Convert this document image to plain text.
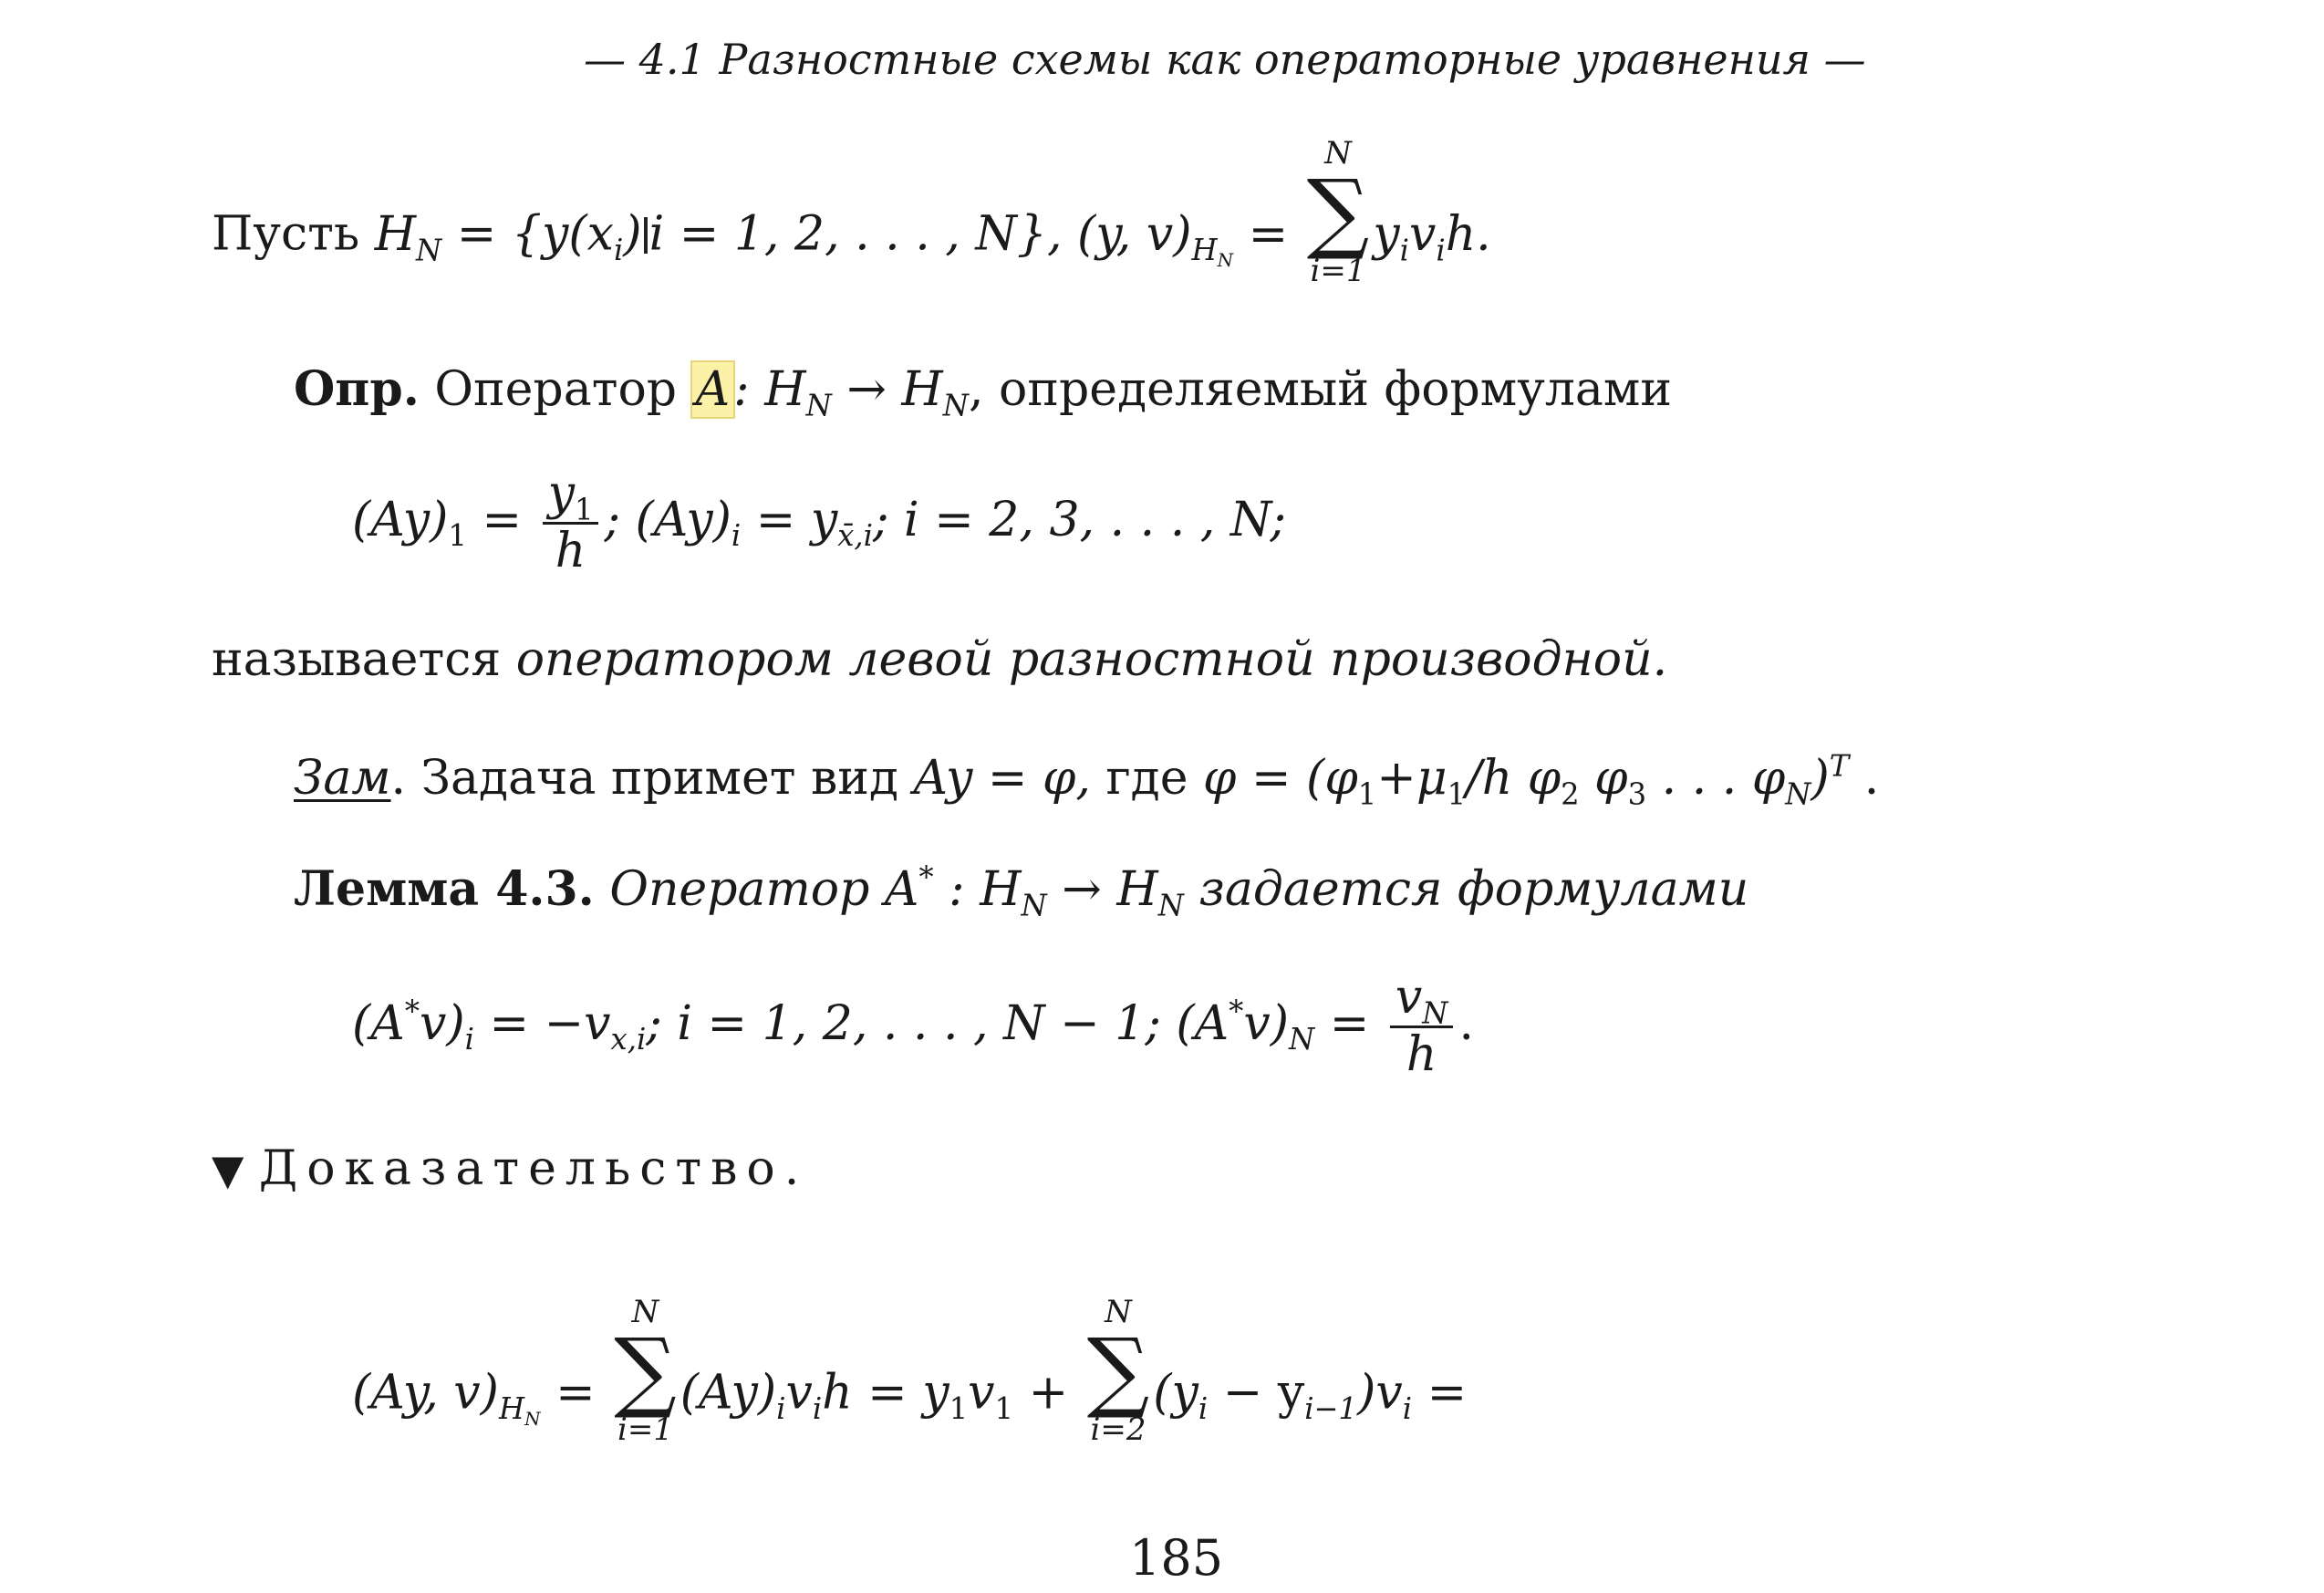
— 4.1 Разностные схемы как операторные уравнения —
Пусть $H_N = \{y(x_i) i = 1$, 2, . . . , N}, (y, $v)_{H_N}$ =
N
∑
i=1
$y_iv_ih$.
Опр. Оператор A: $H_N \to H_N$, определяемый формулами
$(Ay)_1 = \frac{y_1}{h}$ ; $(Ay)_i = y_{x̄,i}$; i = 2, 3, . . . , N;
называется оператором левой разностной производной.
Зам. Задача примет вид Ay = φ, где $\varphi = (\varphi_1+\mu_1/h$ $\varphi_2$ $\varphi_3$ . . . $\varphi_N)^T$ .
Лемма 4.3. Оператор A* : $H_N \to H_N$ задается формулами
$(A^*v)_i = -v_{x,i}$; i = 1, 2, . . . , N − 1; $(A^*v)_N = \frac{v_N}{h}$ .
▼ Доказательство.
(Ay, $v)_{H_N}$ =
N
∑
i=1
$(Ay)_iv_ih = y_1v_1$ +
N
∑
i=2
$(y_i - y_{i-1})v_i$ =
185
